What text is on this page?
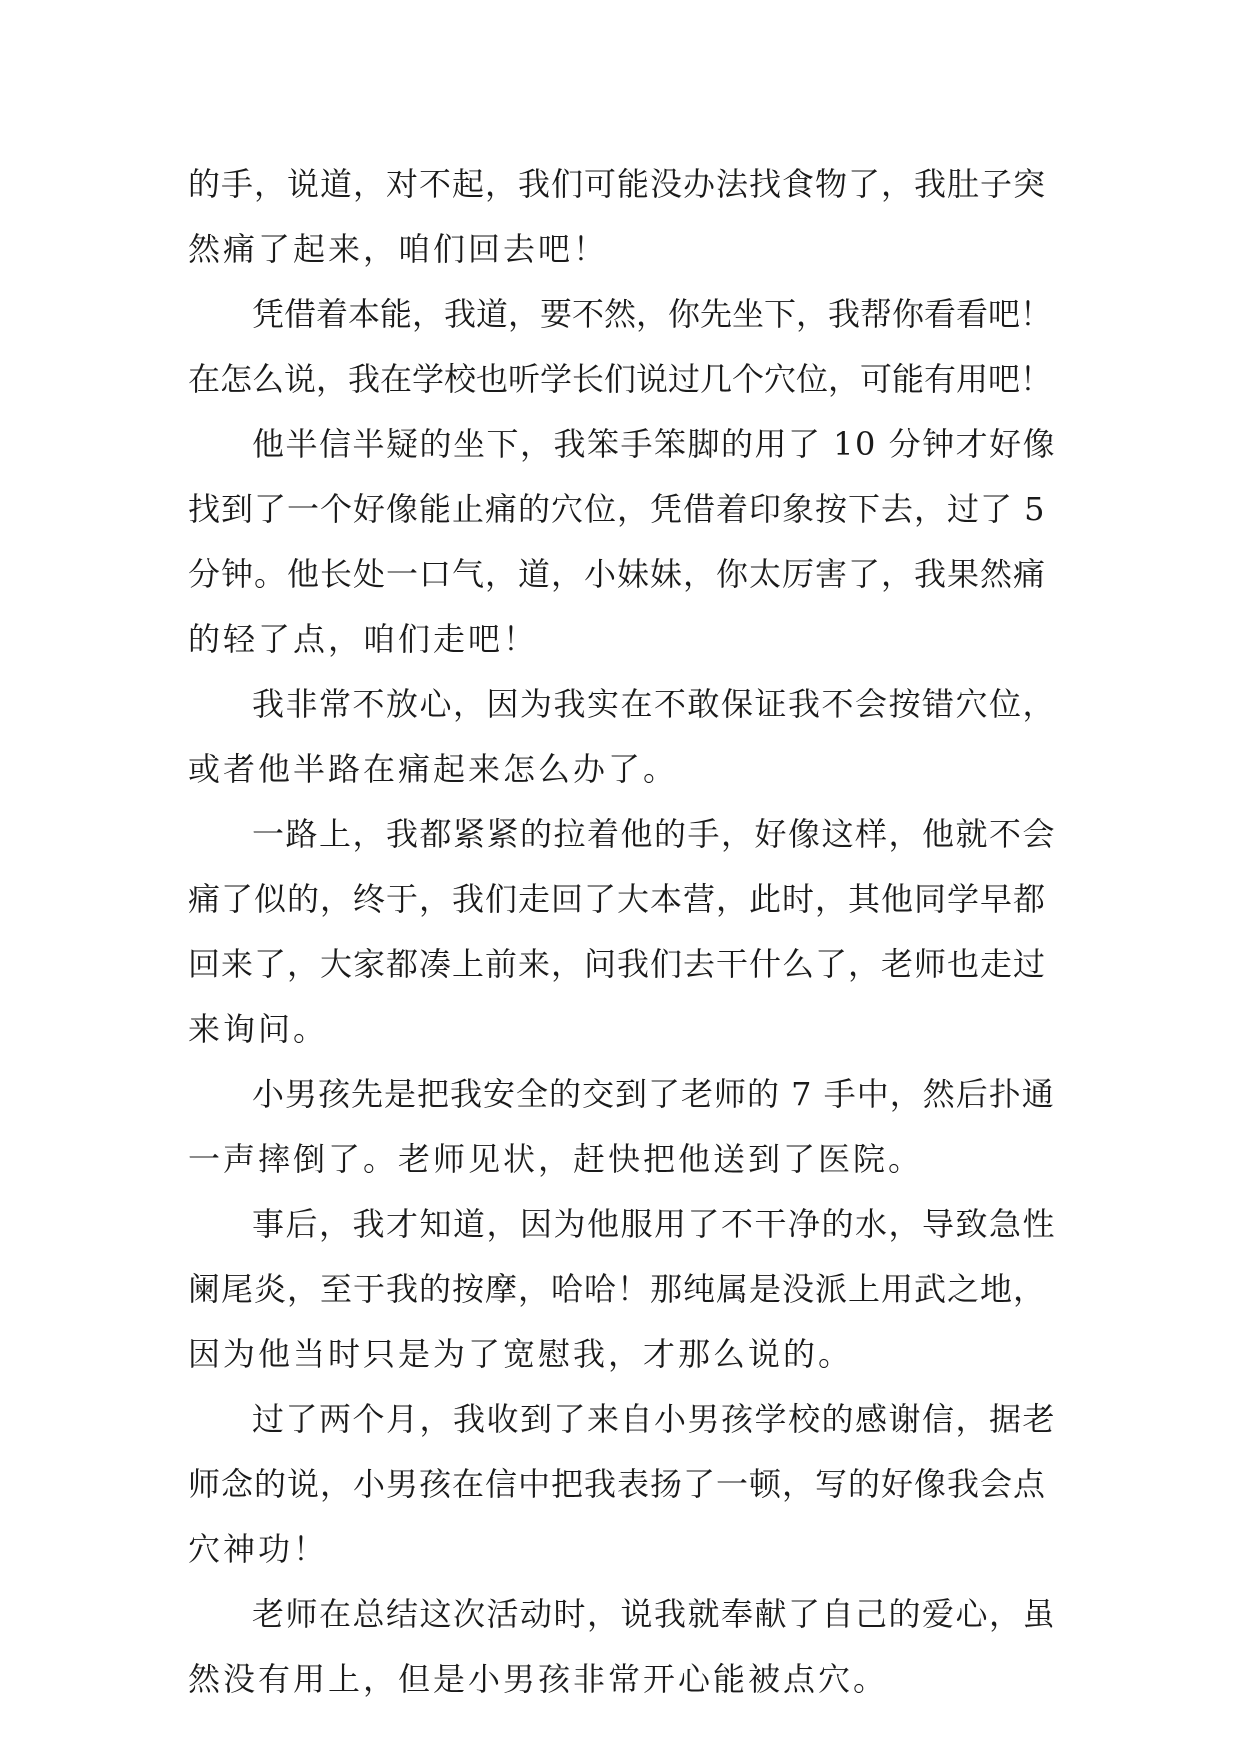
的手，说道，对不起，我们可能没办法找食物了，我肚子突
然痛了起来，咱们回去吧！
凭借着本能，我道，要不然，你先坐下，我帮你看看吧！
在怎么说，我在学校也听学长们说过几个穴位，可能有用吧！
他半信半疑的坐下，我笨手笨脚的用了 10 分钟才好像
找到了一个好像能止痛的穴位，凭借着印象按下去，过了 5
分钟。他长处一口气，道，小妹妹，你太厉害了，我果然痛
的轻了点，咱们走吧！
我非常不放心，因为我实在不敢保证我不会按错穴位，
或者他半路在痛起来怎么办了。
一路上，我都紧紧的拉着他的手，好像这样，他就不会
痛了似的，终于，我们走回了大本营，此时，其他同学早都
回来了，大家都凑上前来，问我们去干什么了，老师也走过
来询问。
小男孩先是把我安全的交到了老师的 7 手中，然后扑通
一声摔倒了。老师见状，赶快把他送到了医院。
事后，我才知道，因为他服用了不干净的水，导致急性
阑尾炎，至于我的按摩，哈哈！那纯属是没派上用武之地，
因为他当时只是为了宽慰我，才那么说的。
过了两个月，我收到了来自小男孩学校的感谢信，据老
师念的说，小男孩在信中把我表扬了一顿，写的好像我会点
穴神功！
老师在总结这次活动时，说我就奉献了自己的爱心，虽
然没有用上，但是小男孩非常开心能被点穴。
